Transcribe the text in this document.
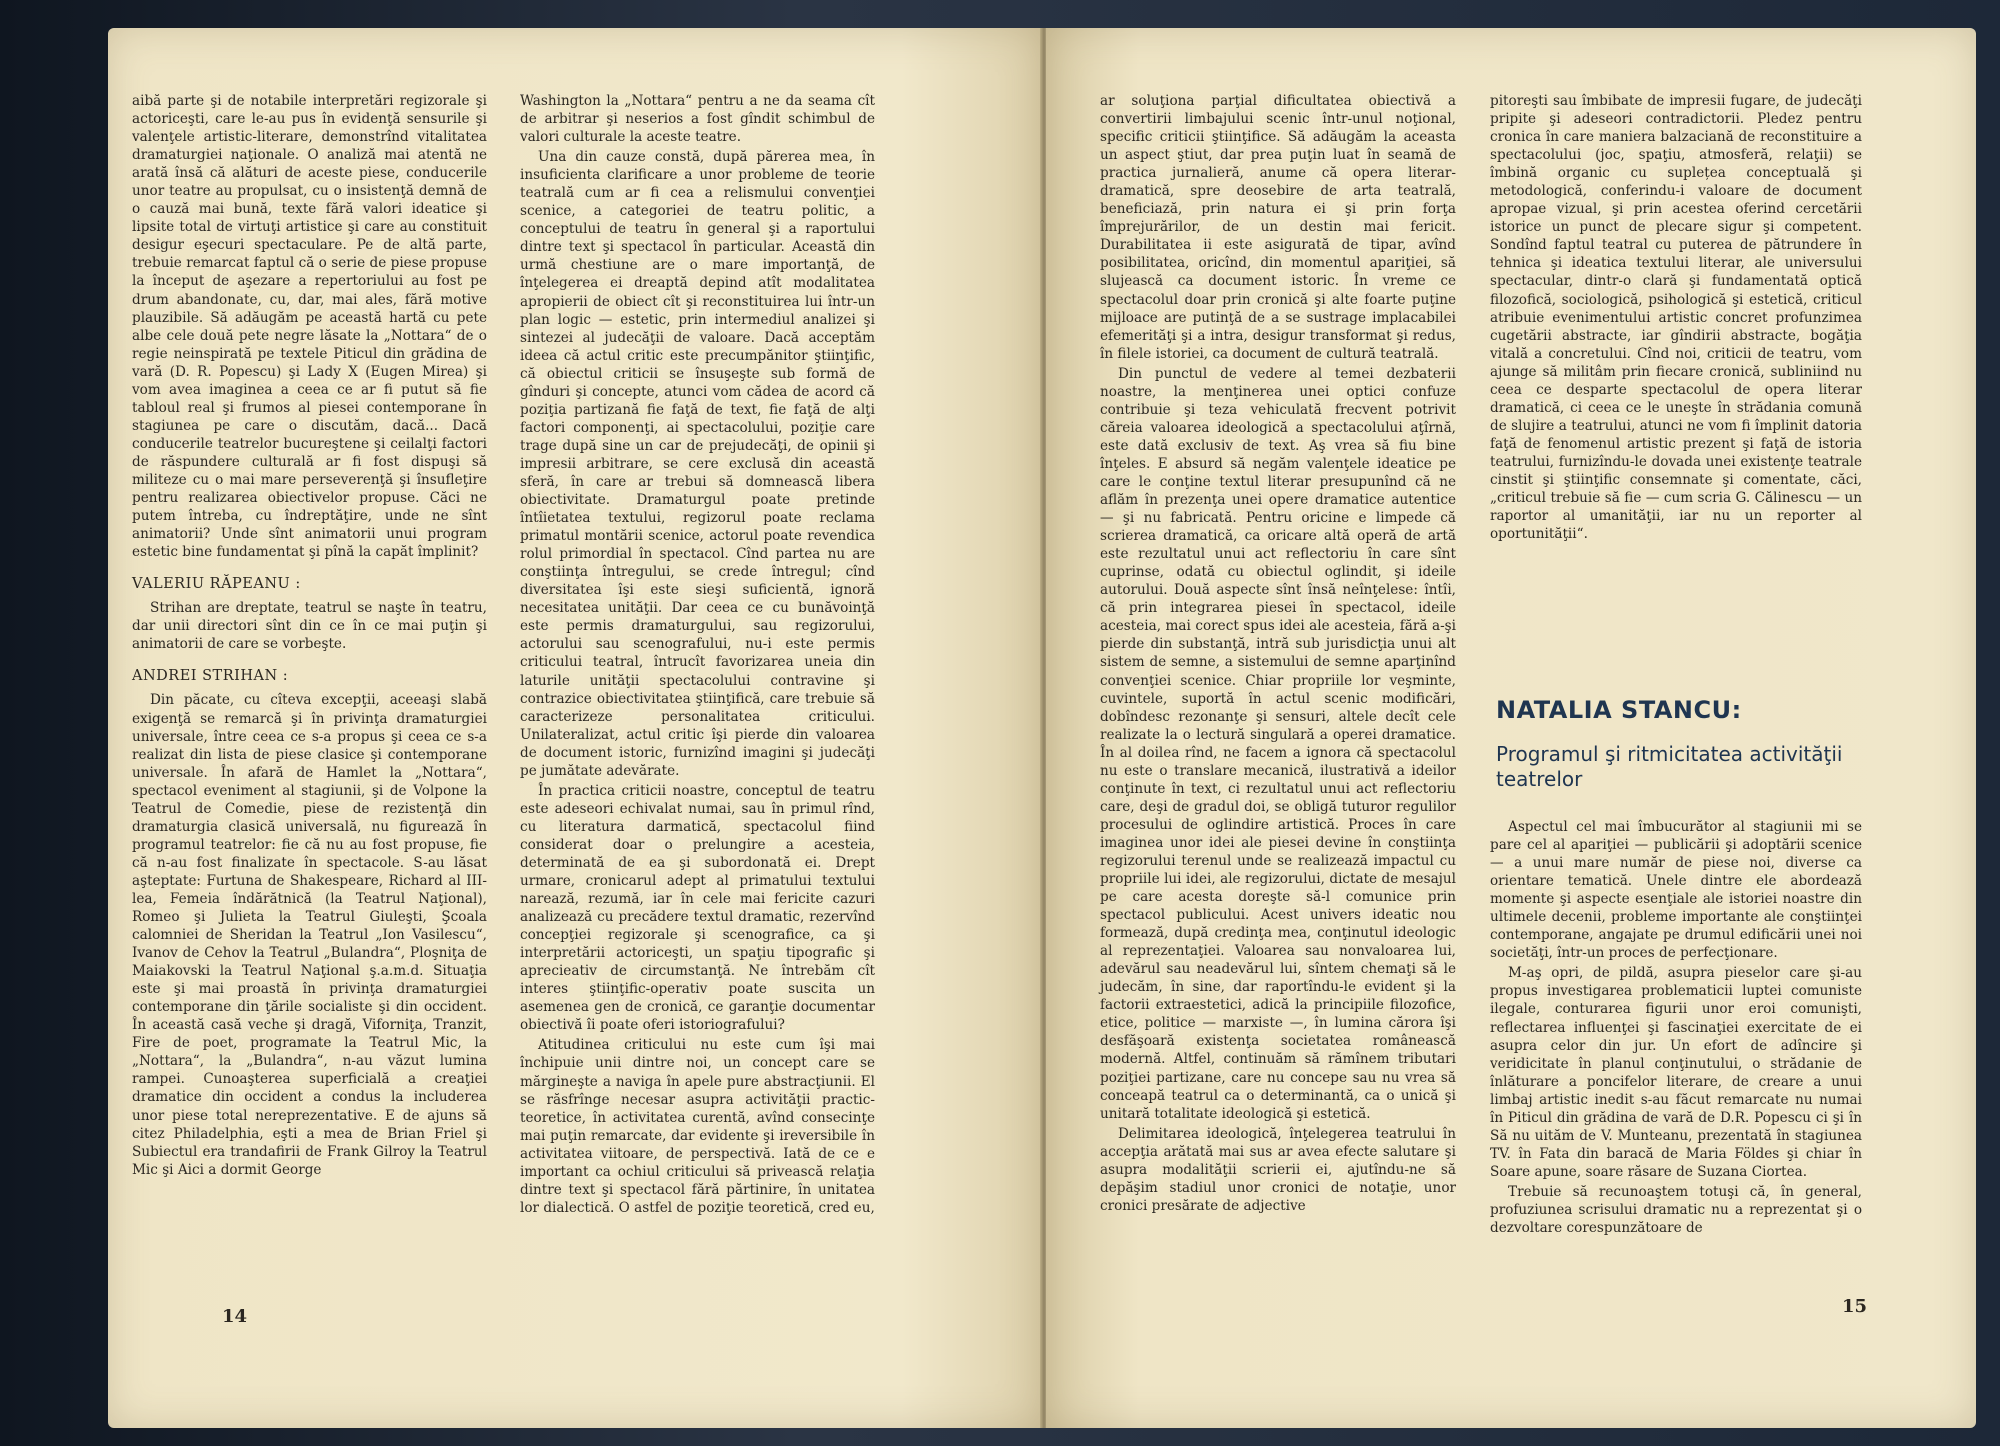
aibă parte şi de notabile interpretări regizorale şi actoriceşti, care le-au pus în evidenţă sensurile şi valenţele artistic-literare, demonstrînd vitalitatea dramaturgiei naţionale. O analiză mai atentă ne arată însă că alături de aceste piese, conducerile unor teatre au propulsat, cu o insistenţă demnă de o cauză mai bună, texte fără valori ideatice şi lipsite total de virtuţi artistice şi care au constituit desigur eşecuri spectaculare. Pe de altă parte, trebuie remarcat faptul că o serie de piese propuse la început de aşezare a repertoriului au fost pe drum abandonate, cu, dar, mai ales, fără motive plauzibile. Să adăugăm pe această hartă cu pete albe cele două pete negre lăsate la „Nottara“ de o regie neinspirată pe textele Piticul din grădina de vară (D. R. Popescu) şi Lady X (Eugen Mirea) şi vom avea imaginea a ceea ce ar fi putut să fie tabloul real şi frumos al piesei contemporane în stagiunea pe care o discutăm, dacă... Dacă conducerile teatrelor bucureştene şi ceilalţi factori de răspundere culturală ar fi fost dispuşi să militeze cu o mai mare perseverenţă şi însufleţire pentru realizarea obiectivelor propuse. Căci ne putem întreba, cu îndreptăţire, unde ne sînt animatorii? Unde sînt animatorii unui program estetic bine fundamentat şi pînă la capăt împlinit?

VALERIU RĂPEANU :

Strihan are dreptate, teatrul se naşte în teatru, dar unii directori sînt din ce în ce mai puţin şi animatorii de care se vorbeşte.

ANDREI STRIHAN :

Din păcate, cu cîteva excepţii, aceeaşi slabă exigenţă se remarcă şi în privinţa dramaturgiei universale, între ceea ce s-a propus şi ceea ce s-a realizat din lista de piese clasice şi contemporane universale. În afară de Hamlet la „Nottara“, spectacol eveniment al stagiunii, şi de Volpone la Teatrul de Comedie, piese de rezistenţă din dramaturgia clasică universală, nu figurează în programul teatrelor: fie că nu au fost propuse, fie că n-au fost finalizate în spectacole. S-au lăsat aşteptate: Furtuna de Shakespeare, Richard al III-lea, Femeia îndărătnică (la Teatrul Naţional), Romeo şi Julieta la Teatrul Giuleşti, Şcoala calomniei de Sheridan la Teatrul „Ion Vasilescu“, Ivanov de Cehov la Teatrul „Bulandra“, Ploşniţa de Maiakovski la Teatrul Naţional ş.a.m.d. Situaţia este şi mai proastă în privinţa dramaturgiei contemporane din ţările socialiste şi din occident. În această casă veche şi dragă, Viforniţa, Tranzit, Fire de poet, programate la Teatrul Mic, la „Nottara“, la „Bulandra“, n-au văzut lumina rampei. Cunoaşterea superficială a creaţiei dramatice din occident a condus la includerea unor piese total nereprezentative. E de ajuns să citez Philadelphia, eşti a mea de Brian Friel şi Subiectul era trandafirii de Frank Gilroy la Teatrul Mic şi Aici a dormit George

Washington la „Nottara“ pentru a ne da seama cît de arbitrar şi neserios a fost gîndit schimbul de valori culturale la aceste teatre.

Una din cauze constă, după părerea mea, în insuficienta clarificare a unor probleme de teorie teatrală cum ar fi cea a relismului convenţiei scenice, a categoriei de teatru politic, a conceptului de teatru în general şi a raportului dintre text şi spectacol în particular. Această din urmă chestiune are o mare importanţă, de înţelegerea ei dreaptă depind atît modalitatea apropierii de obiect cît şi reconstituirea lui într-un plan logic — estetic, prin intermediul analizei şi sintezei al judecăţii de valoare. Dacă acceptăm ideea că actul critic este precumpănitor ştiinţific, că obiectul criticii se însuşeşte sub formă de gînduri şi concepte, atunci vom cădea de acord că poziţia partizană fie faţă de text, fie faţă de alţi factori componenţi, ai spectacolului, poziţie care trage după sine un car de prejudecăţi, de opinii şi impresii arbitrare, se cere exclusă din această sferă, în care ar trebui să domnească libera obiectivitate. Dramaturgul poate pretinde întîietatea textului, regizorul poate reclama primatul montării scenice, actorul poate revendica rolul primordial în spectacol. Cînd partea nu are conştiinţa întregului, se crede întregul; cînd diversitatea îşi este sieşi suficientă, ignoră necesitatea unităţii. Dar ceea ce cu bunăvoinţă este permis dramaturgului, sau regizorului, actorului sau scenografului, nu-i este permis criticului teatral, întrucît favorizarea uneia din laturile unităţii spectacolului contravine şi contrazice obiectivitatea ştiinţifică, care trebuie să caracterizeze personalitatea criticului. Unilateralizat, actul critic îşi pierde din valoarea de document istoric, furnizînd imagini şi judecăţi pe jumătate adevărate.

În practica criticii noastre, conceptul de teatru este adeseori echivalat numai, sau în primul rînd, cu literatura darmatică, spectacolul fiind considerat doar o prelungire a acesteia, determinată de ea şi subordonată ei. Drept urmare, cronicarul adept al primatului textului narează, rezumă, iar în cele mai fericite cazuri analizează cu precădere textul dramatic, rezervînd concepţiei regizorale şi scenografice, ca şi interpretării actoriceşti, un spaţiu tipografic şi aprecieativ de circumstanţă. Ne întrebăm cît interes ştiinţific-operativ poate suscita un asemenea gen de cronică, ce garanţie documentar obiectivă îi poate oferi istoriografului?

Atitudinea criticului nu este cum îşi mai închipuie unii dintre noi, un concept care se mărgineşte a naviga în apele pure abstracţiunii. El se răsfrînge necesar asupra activităţii practic-teoretice, în activitatea curentă, avînd consecinţe mai puţin remarcate, dar evidente şi ireversibile în activitatea viitoare, de perspectivă. Iată de ce e important ca ochiul criticului să privească relaţia dintre text şi spectacol fără părtinire, în unitatea lor dialectică. O astfel de poziţie teoretică, cred eu,

14

ar soluţiona parţial dificultatea obiectivă a convertirii limbajului scenic într-unul noţional, specific criticii ştiinţifice. Să adăugăm la aceasta un aspect ştiut, dar prea puţin luat în seamă de practica jurnalieră, anume că opera literar-dramatică, spre deosebire de arta teatrală, beneficiază, prin natura ei şi prin forţa împrejurărilor, de un destin mai fericit. Durabilitatea ii este asigurată de tipar, avînd posibilitatea, oricînd, din momentul apariţiei, să slujească ca document istoric. În vreme ce spectacolul doar prin cronică şi alte foarte puţine mijloace are putinţă de a se sustrage implacabilei efemerităţi şi a intra, desigur transformat şi redus, în filele istoriei, ca document de cultură teatrală.

Din punctul de vedere al temei dezbaterii noastre, la menţinerea unei optici confuze contribuie şi teza vehiculată frecvent potrivit căreia valoarea ideologică a spectacolului aţîrnă, este dată exclusiv de text. Aş vrea să fiu bine înţeles. E absurd să negăm valenţele ideatice pe care le conţine textul literar presupunînd că ne aflăm în prezenţa unei opere dramatice autentice — şi nu fabricată. Pentru oricine e limpede că scrierea dramatică, ca oricare altă operă de artă este rezultatul unui act reflectoriu în care sînt cuprinse, odată cu obiectul oglindit, şi ideile autorului. Două aspecte sînt însă neînţelese: întîi, că prin integrarea piesei în spectacol, ideile acesteia, mai corect spus idei ale acesteia, fără a-şi pierde din substanţă, intră sub jurisdicţia unui alt sistem de semne, a sistemului de semne aparţinînd convenţiei scenice. Chiar propriile lor veşminte, cuvintele, suportă în actul scenic modificări, dobîndesc rezonanţe şi sensuri, altele decît cele realizate la o lectură singulară a operei dramatice. În al doilea rînd, ne facem a ignora că spectacolul nu este o translare mecanică, ilustrativă a ideilor conţinute în text, ci rezultatul unui act reflectoriu care, deşi de gradul doi, se obligă tuturor regulilor procesului de oglindire artistică. Proces în care imaginea unor idei ale piesei devine în conştiinţa regizorului terenul unde se realizează impactul cu propriile lui idei, ale regizorului, dictate de mesajul pe care acesta doreşte să-l comunice prin spectacol publicului. Acest univers ideatic nou formează, după credinţa mea, conţinutul ideologic al reprezentaţiei. Valoarea sau nonvaloarea lui, adevărul sau neadevărul lui, sîntem chemaţi să le judecăm, în sine, dar raportîndu-le evident şi la factorii extraestetici, adică la principiile filozofice, etice, politice — marxiste —, în lumina cărora îşi desfăşoară existenţa societatea românească modernă. Altfel, continuăm să rămînem tributari poziţiei partizane, care nu concepe sau nu vrea să conceapă teatrul ca o determinantă, ca o unică şi unitară totalitate ideologică şi estetică.

Delimitarea ideologică, înţelegerea teatrului în accepţia arătată mai sus ar avea efecte salutare şi asupra modalităţii scrierii ei, ajutîndu-ne să depăşim stadiul unor cronici de notaţie, unor cronici presărate de adjective

pitoreşti sau îmbibate de impresii fugare, de judecăţi pripite şi adeseori contradictorii. Pledez pentru cronica în care maniera balzaciană de reconstituire a spectacolului (joc, spaţiu, atmosferă, relaţii) se îmbină organic cu suplețea conceptuală şi metodologică, conferindu-i valoare de document apropae vizual, şi prin acestea oferind cercetării istorice un punct de plecare sigur şi competent. Sondînd faptul teatral cu puterea de pătrundere în tehnica şi ideatica textului literar, ale universului spectacular, dintr-o clară şi fundamentată optică filozofică, sociologică, psihologică şi estetică, criticul atribuie evenimentului artistic concret profunzimea cugetării abstracte, iar gîndirii abstracte, bogăţia vitală a concretului. Cînd noi, criticii de teatru, vom ajunge să militâm prin fiecare cronică, subliniind nu ceea ce desparte spectacolul de opera literar dramatică, ci ceea ce le uneşte în strădania comună de slujire a teatrului, atunci ne vom fi împlinit datoria faţă de fenomenul artistic prezent şi faţă de istoria teatrului, furnizîndu-le dovada unei existenţe teatrale cinstit şi ştiinţific consemnate şi comentate, căci, „criticul trebuie să fie — cum scria G. Călinescu — un raportor al umanităţii, iar nu un reporter al oportunităţii“.

NATALIA STANCU:

Programul şi ritmicitatea activităţii teatrelor

Aspectul cel mai îmbucurător al stagiunii mi se pare cel al apariţiei — publicării şi adoptării scenice — a unui mare număr de piese noi, diverse ca orientare tematică. Unele dintre ele abordează momente şi aspecte esenţiale ale istoriei noastre din ultimele decenii, probleme importante ale conştiinţei contemporane, angajate pe drumul edificării unei noi societăţi, într-un proces de perfecţionare.

M-aş opri, de pildă, asupra pieselor care şi-au propus investigarea problematicii luptei comuniste ilegale, conturarea figurii unor eroi comunişti, reflectarea influenţei şi fascinaţiei exercitate de ei asupra celor din jur. Un efort de adîncire şi veridicitate în planul conţinutului, o strădanie de înlăturare a poncifelor literare, de creare a unui limbaj artistic inedit s-au făcut remarcate nu numai în Piticul din grădina de vară de D.R. Popescu ci şi în Să nu uităm de V. Munteanu, prezentată în stagiunea TV. în Fata din baracă de Maria Földes şi chiar în Soare apune, soare răsare de Suzana Ciortea.

Trebuie să recunoaştem totuşi că, în general, profuziunea scrisului dramatic nu a reprezentat şi o dezvoltare corespunzătoare de

15
